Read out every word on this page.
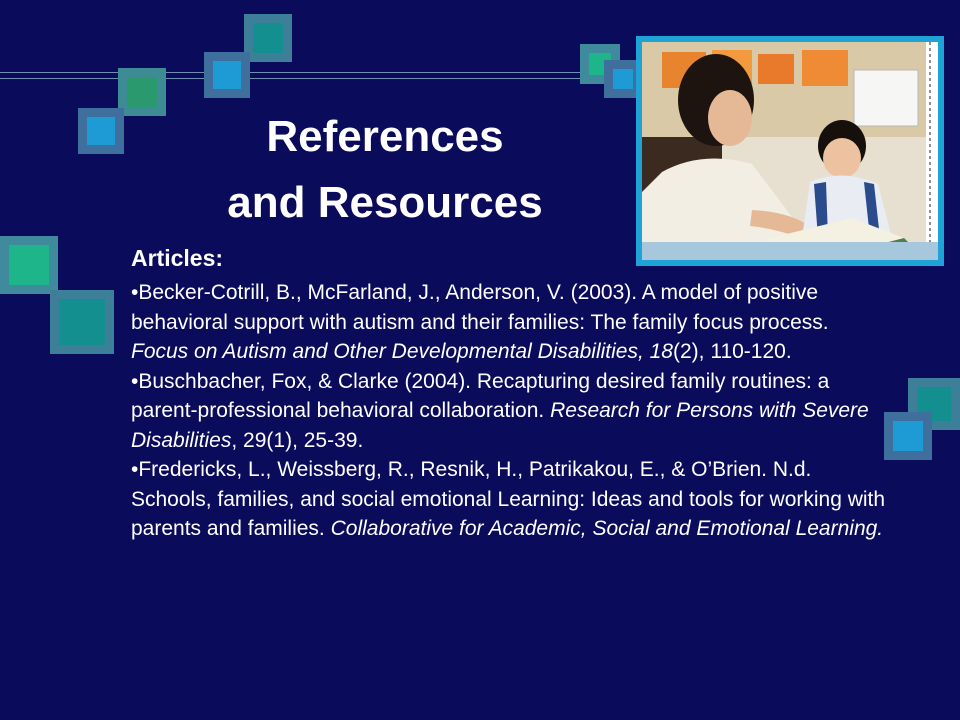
References
and Resources
Articles:

•Becker-Cotrill, B., McFarland, J., Anderson, V. (2003). A model of positive behavioral support with autism and their families: The family focus process. Focus on Autism and Other Developmental Disabilities, 18(2), 110-120.

•Buschbacher, Fox, & Clarke (2004). Recapturing desired family routines: a parent-professional behavioral collaboration. Research for Persons with Severe Disabilities, 29(1), 25-39.

•Fredericks, L., Weissberg, R., Resnik, H., Patrikakou, E., & O’Brien. N.d. Schools, families, and social emotional Learning: Ideas and tools for working with parents and families. Collaborative for Academic, Social and Emotional Learning.
